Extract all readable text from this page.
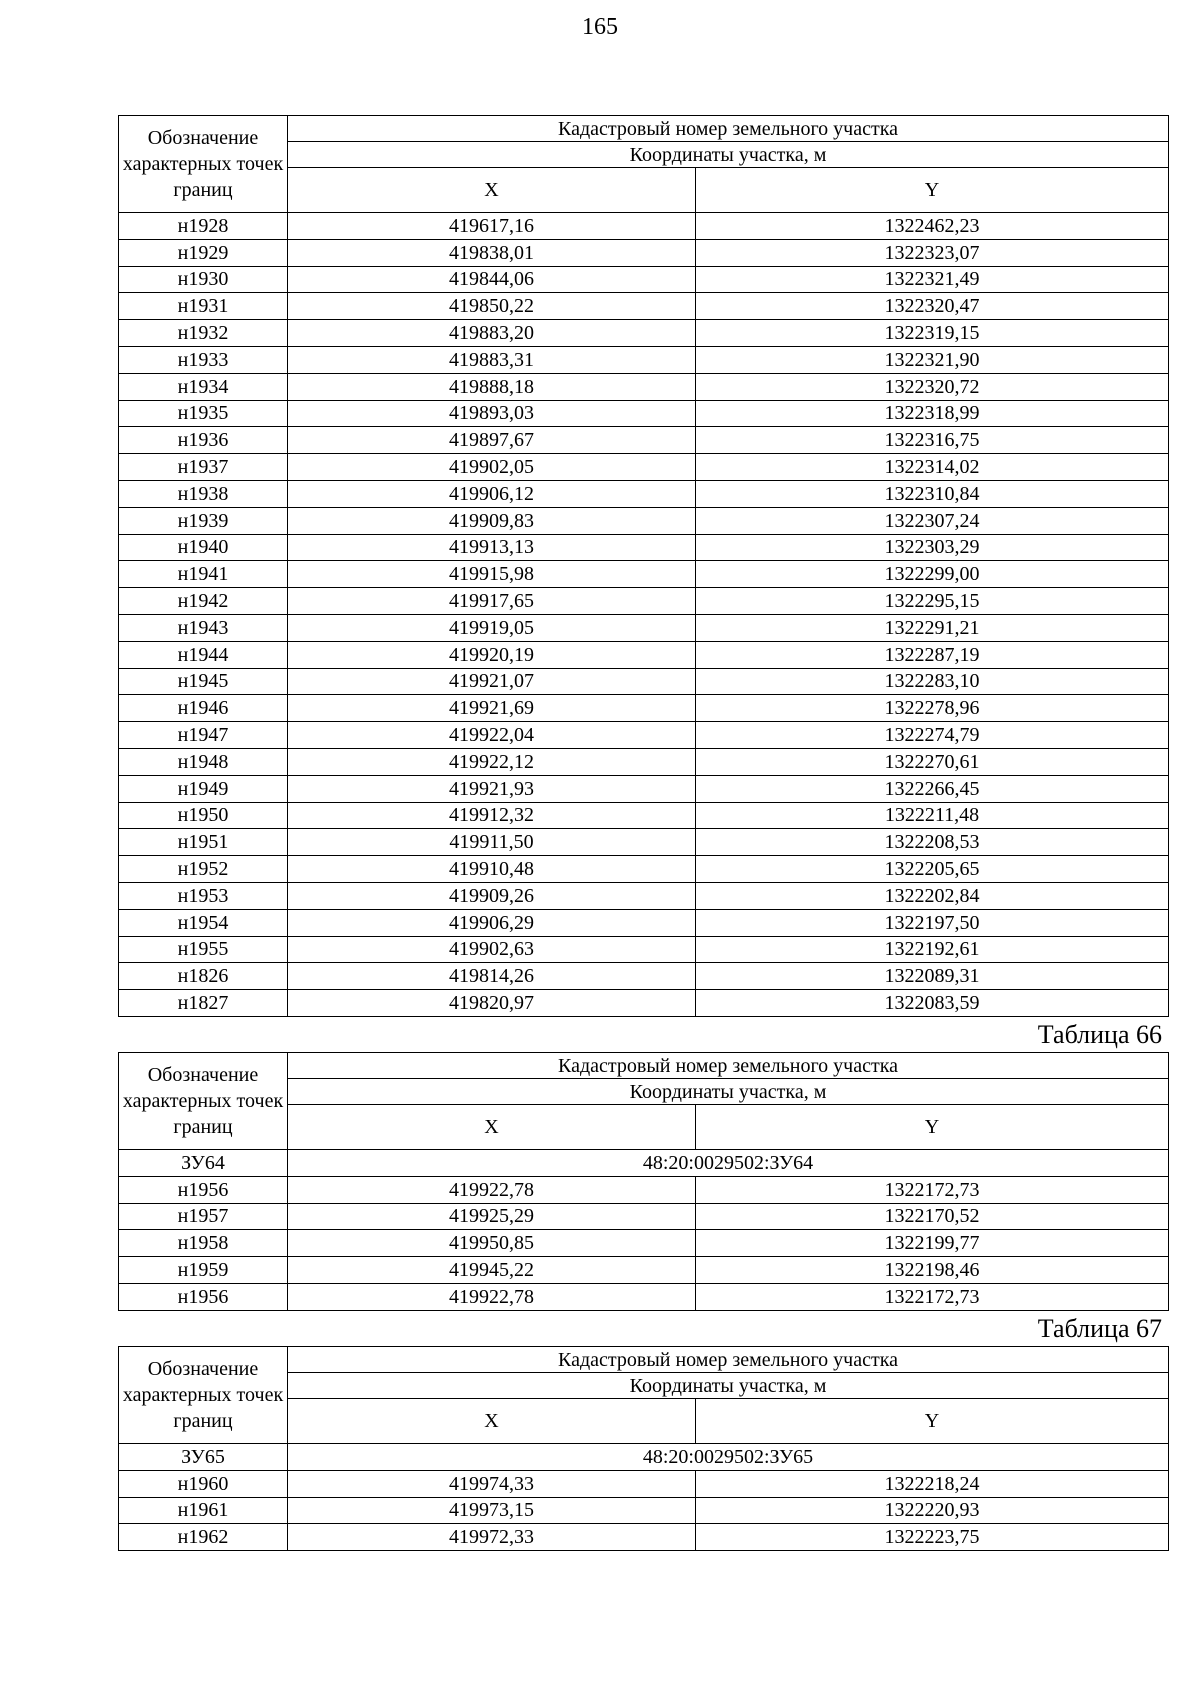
165
Обозначение характерных точек границ	Кадастровый номер земельного участка	
	Координаты участка, м	
	X	Y
н1928	419617,16	1322462,23
н1929	419838,01	1322323,07
н1930	419844,06	1322321,49
н1931	419850,22	1322320,47
н1932	419883,20	1322319,15
н1933	419883,31	1322321,90
н1934	419888,18	1322320,72
н1935	419893,03	1322318,99
н1936	419897,67	1322316,75
н1937	419902,05	1322314,02
н1938	419906,12	1322310,84
н1939	419909,83	1322307,24
н1940	419913,13	1322303,29
н1941	419915,98	1322299,00
н1942	419917,65	1322295,15
н1943	419919,05	1322291,21
н1944	419920,19	1322287,19
н1945	419921,07	1322283,10
н1946	419921,69	1322278,96
н1947	419922,04	1322274,79
н1948	419922,12	1322270,61
н1949	419921,93	1322266,45
н1950	419912,32	1322211,48
н1951	419911,50	1322208,53
н1952	419910,48	1322205,65
н1953	419909,26	1322202,84
н1954	419906,29	1322197,50
н1955	419902,63	1322192,61
н1826	419814,26	1322089,31
н1827	419820,97	1322083,59
Таблица 66
Обозначение характерных точек границ	Кадастровый номер земельного участка	
	Координаты участка, м	
	X	Y
ЗУ64	48:20:0029502:ЗУ64	
н1956	419922,78	1322172,73
н1957	419925,29	1322170,52
н1958	419950,85	1322199,77
н1959	419945,22	1322198,46
н1956	419922,78	1322172,73
Таблица 67
Обозначение характерных точек границ	Кадастровый номер земельного участка	
	Координаты участка, м	
	X	Y
ЗУ65	48:20:0029502:ЗУ65	
н1960	419974,33	1322218,24
н1961	419973,15	1322220,93
н1962	419972,33	1322223,75
